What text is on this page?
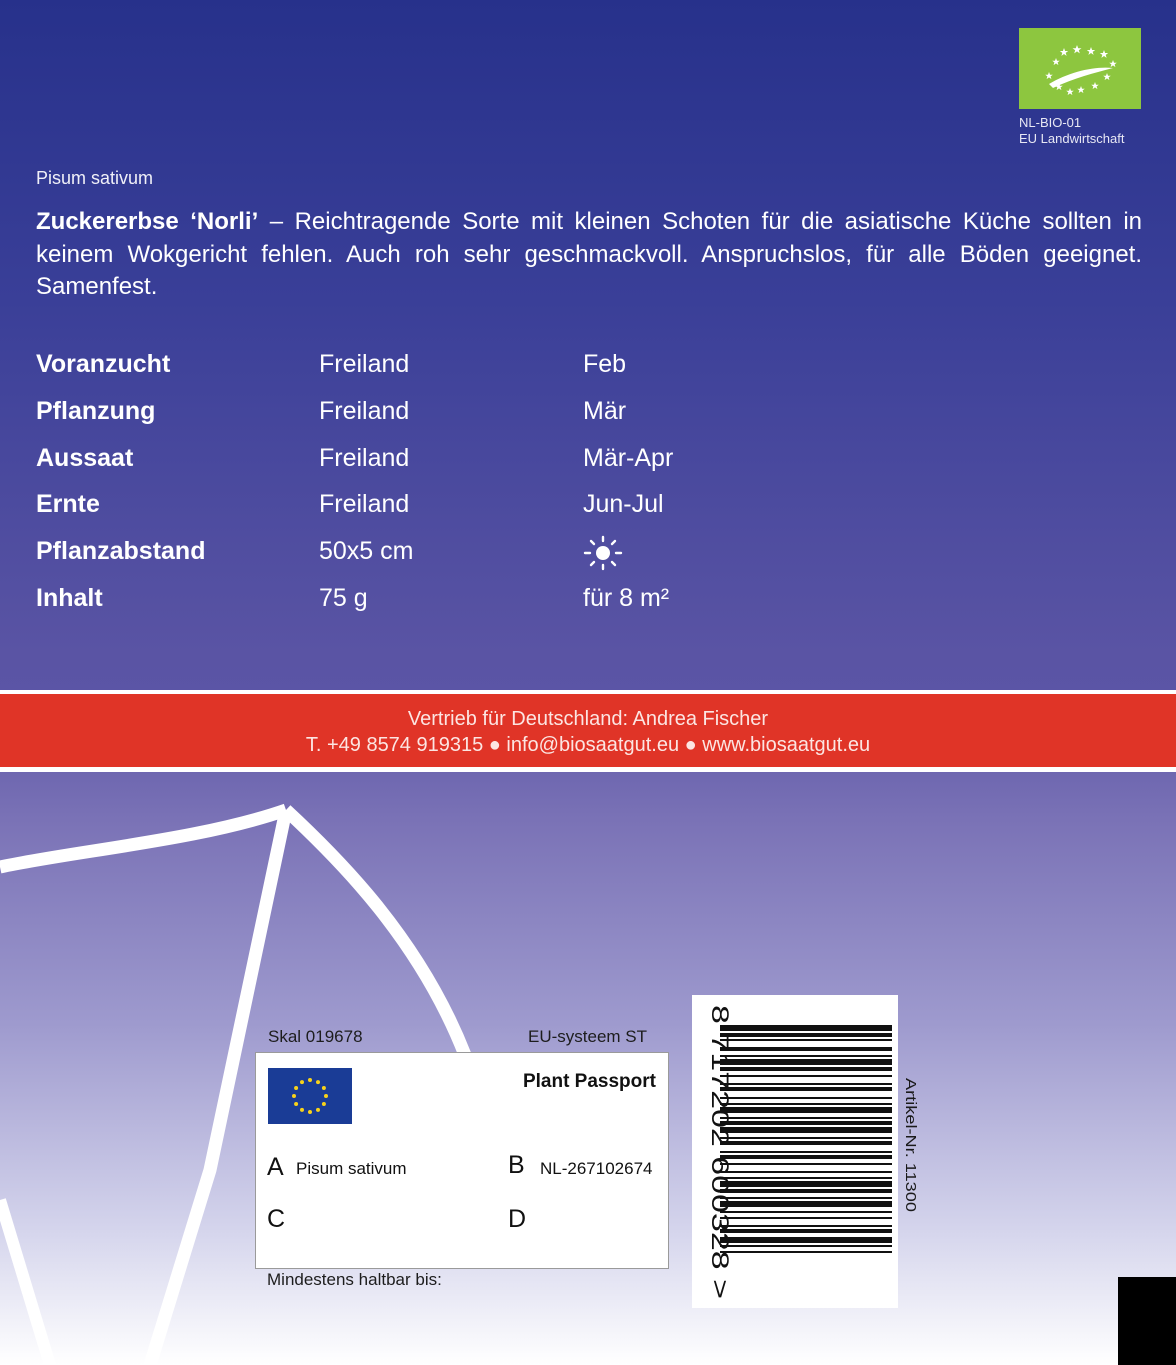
NL-BIO-01
EU Landwirtschaft
Pisum sativum
Zuckererbse ‘Norli’ – Reichtragende Sorte mit kleinen Schoten für die asiatische Küche sollten in keinem Wokgericht fehlen. Auch roh sehr geschmackvoll. Anspruchslos, für alle Böden geeignet. Samenfest.
Voranzucht	Freiland	Feb
Pflanzung	Freiland	Mär
Aussaat	Freiland	Mär-Apr
Ernte	Freiland	Jun-Jul
Pflanzabstand	50x5 cm
Inhalt	75 g	für 8 m²
Vertrieb für Deutschland: Andrea Fischer
T. +49 8574 919315 ● info@biosaatgut.eu ● www.biosaatgut.eu
Skal 019678	EU-systeem ST
Plant Passport
A Pisum sativum	B NL-267102674
C	D
Mindestens haltbar bis:
8 717202 600328 >	Artikel-Nr. 11300
